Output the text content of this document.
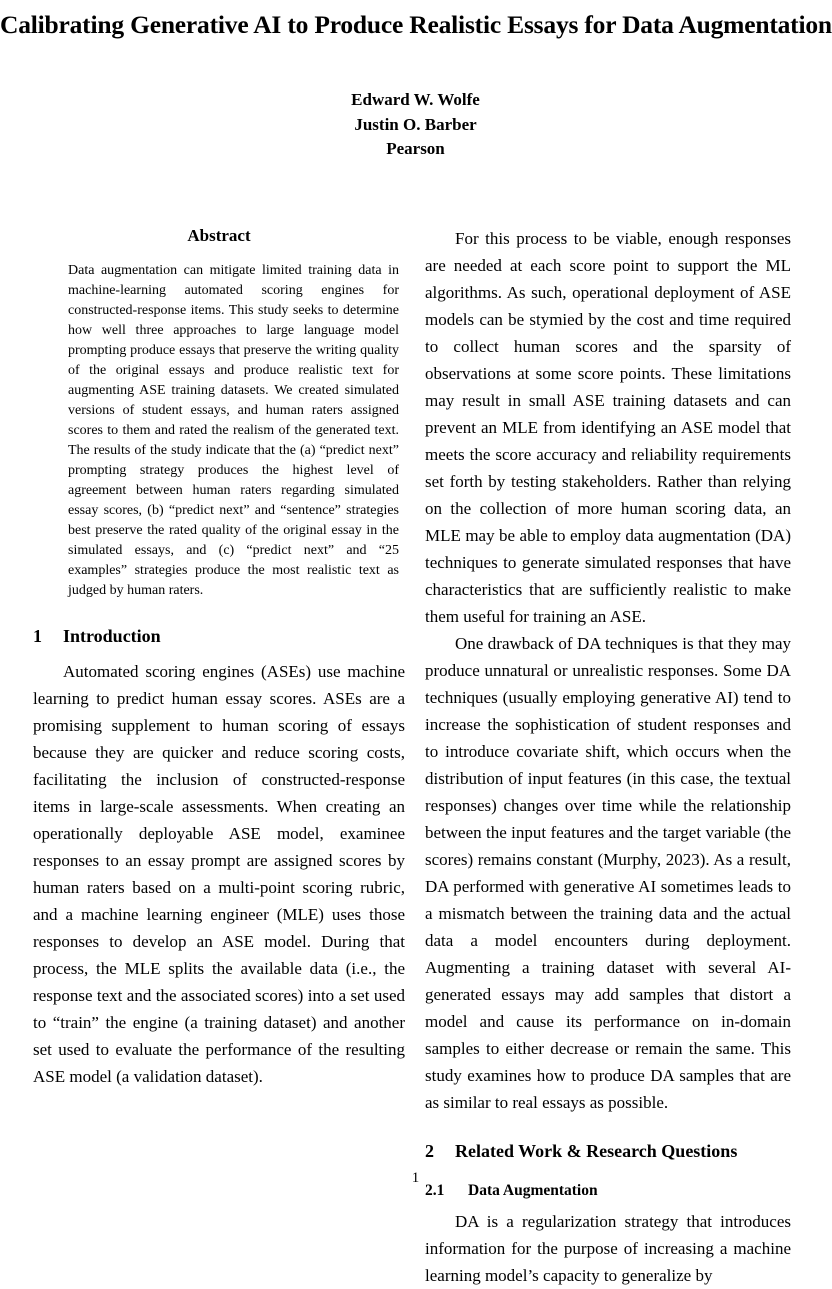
Calibrating Generative AI to Produce Realistic Essays for Data Augmentation
Edward W. Wolfe
Justin O. Barber
Pearson
Abstract
Data augmentation can mitigate limited training data in machine-learning automated scoring engines for constructed-response items. This study seeks to determine how well three approaches to large language model prompting produce essays that preserve the writing quality of the original essays and produce realistic text for augmenting ASE training datasets. We created simulated versions of student essays, and human raters assigned scores to them and rated the realism of the generated text. The results of the study indicate that the (a) “predict next” prompting strategy produces the highest level of agreement between human raters regarding simulated essay scores, (b) “predict next” and “sentence” strategies best preserve the rated quality of the original essay in the simulated essays, and (c) “predict next” and “25 examples” strategies produce the most realistic text as judged by human raters.
1	Introduction

Automated scoring engines (ASEs) use machine learning to predict human essay scores. ASEs are a promising supplement to human scoring of essays because they are quicker and reduce scoring costs, facilitating the inclusion of constructed-response items in large-scale assessments. When creating an operationally deployable ASE model, examinee responses to an essay prompt are assigned scores by human raters based on a multi-point scoring rubric, and a machine learning engineer (MLE) uses those responses to develop an ASE model. During that process, the MLE splits the available data (i.e., the response text and the associated scores) into a set used to “train” the engine (a training dataset) and another set used to evaluate the performance of the resulting ASE model (a validation dataset).

For this process to be viable, enough responses are needed at each score point to support the ML algorithms. As such, operational deployment of ASE models can be stymied by the cost and time required to collect human scores and the sparsity of observations at some score points. These limitations may result in small ASE training datasets and can prevent an MLE from identifying an ASE model that meets the score accuracy and reliability requirements set forth by testing stakeholders. Rather than relying on the collection of more human scoring data, an MLE may be able to employ data augmentation (DA) techniques to generate simulated responses that have characteristics that are sufficiently realistic to make them useful for training an ASE.

One drawback of DA techniques is that they may produce unnatural or unrealistic responses. Some DA techniques (usually employing generative AI) tend to increase the sophistication of student responses and to introduce covariate shift, which occurs when the distribution of input features (in this case, the textual responses) changes over time while the relationship between the input features and the target variable (the scores) remains constant (Murphy, 2023). As a result, DA performed with generative AI sometimes leads to a mismatch between the training data and the actual data a model encounters during deployment. Augmenting a training dataset with several AI-generated essays may add samples that distort a model and cause its performance on in-domain samples to either decrease or remain the same. This study examines how to produce DA samples that are as similar to real essays as possible.

2	Related Work & Research Questions
2.1	Data Augmentation

DA is a regularization strategy that introduces information for the purpose of increasing a machine learning model’s capacity to generalize by

1
